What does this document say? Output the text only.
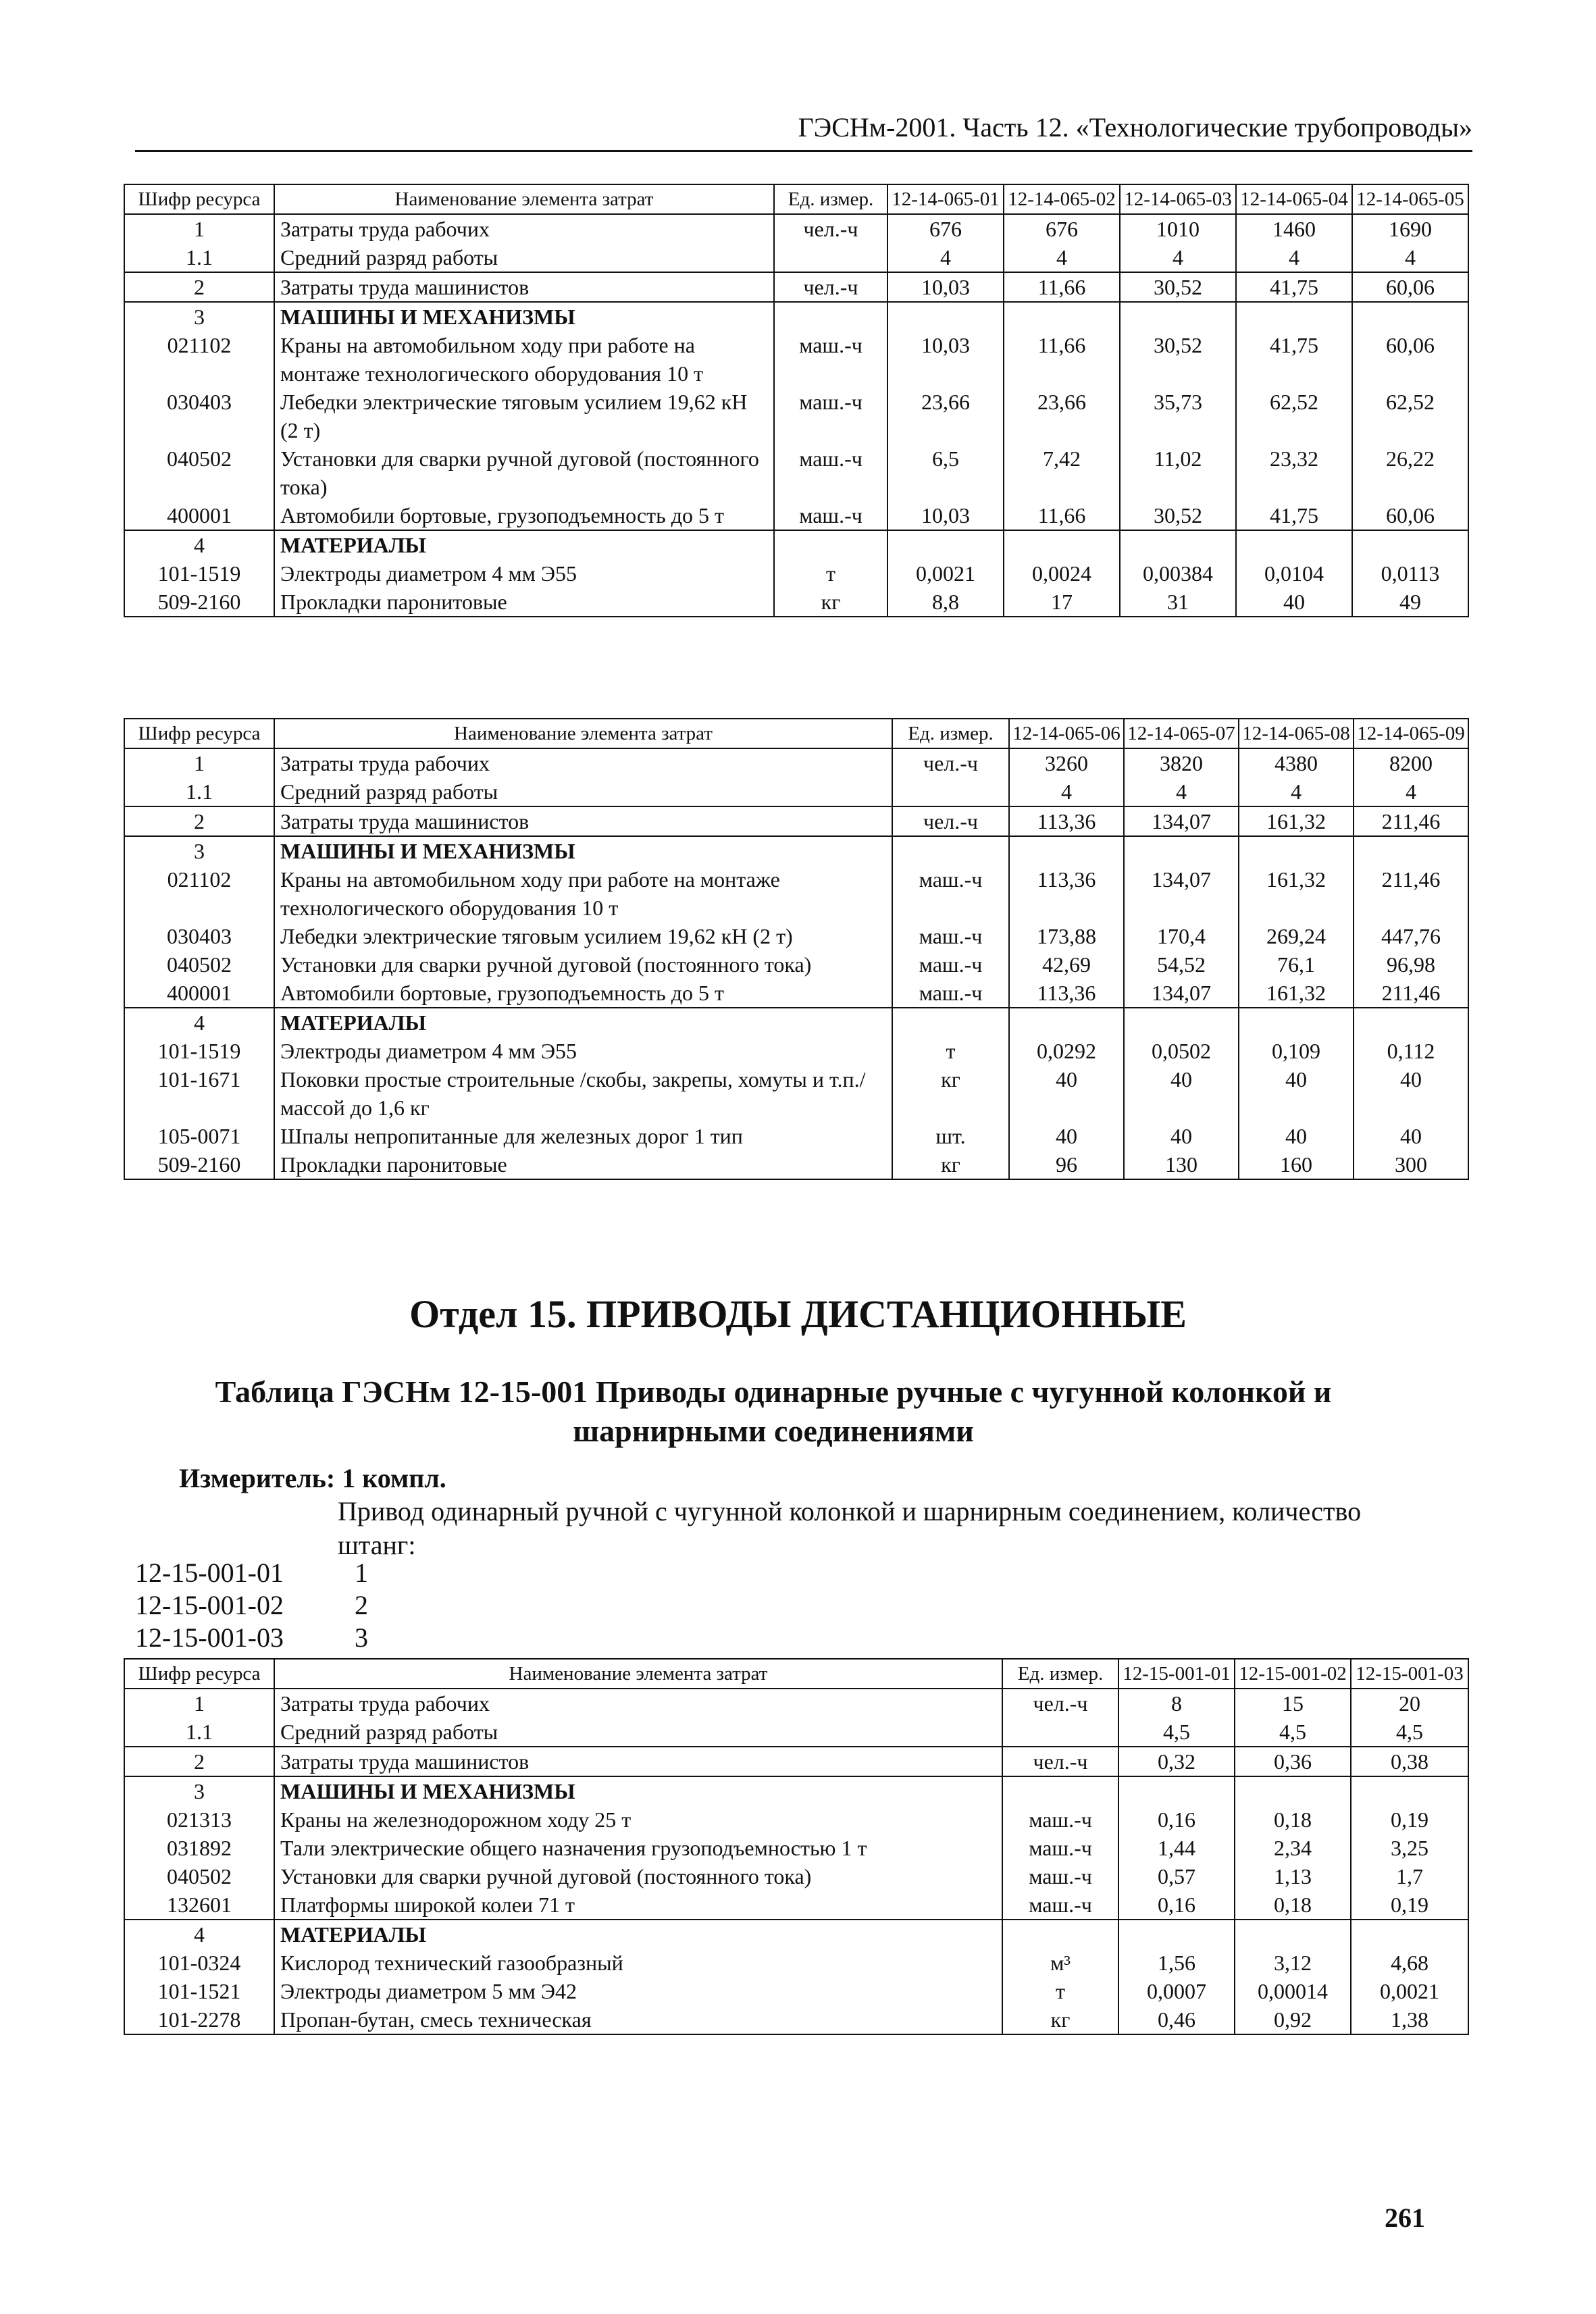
ГЭСНм-2001. Часть 12. «Технологические трубопроводы»
Шифр ресурса	Наименование элемента затрат	Ед. измер.	12-14-065-01	12-14-065-02	12-14-065-03	12-14-065-04	12-14-065-05
1	Затраты труда рабочих	чел.-ч	676	676	1010	1460	1690
1.1	Средний разряд работы		4	4	4	4	4
2	Затраты труда машинистов	чел.-ч	10,03	11,66	30,52	41,75	60,06
3	МАШИНЫ И МЕХАНИЗМЫ						
021102	Краны на автомобильном ходу при работе на монтаже технологического оборудования 10 т	маш.-ч	10,03	11,66	30,52	41,75	60,06
030403	Лебедки электрические тяговым усилием 19,62 кН (2 т)	маш.-ч	23,66	23,66	35,73	62,52	62,52
040502	Установки для сварки ручной дуговой (постоянного тока)	маш.-ч	6,5	7,42	11,02	23,32	26,22
400001	Автомобили бортовые, грузоподъемность до 5 т	маш.-ч	10,03	11,66	30,52	41,75	60,06
4	МАТЕРИАЛЫ						
101-1519	Электроды диаметром 4 мм Э55	т	0,0021	0,0024	0,00384	0,0104	0,0113
509-2160	Прокладки паронитовые	кг	8,8	17	31	40	49
Шифр ресурса	Наименование элемента затрат	Ед. измер.	12-14-065-06	12-14-065-07	12-14-065-08	12-14-065-09
1	Затраты труда рабочих	чел.-ч	3260	3820	4380	8200
1.1	Средний разряд работы		4	4	4	4
2	Затраты труда машинистов	чел.-ч	113,36	134,07	161,32	211,46
3	МАШИНЫ И МЕХАНИЗМЫ					
021102	Краны на автомобильном ходу при работе на монтаже технологического оборудования 10 т	маш.-ч	113,36	134,07	161,32	211,46
030403	Лебедки электрические тяговым усилием 19,62 кН (2 т)	маш.-ч	173,88	170,4	269,24	447,76
040502	Установки для сварки ручной дуговой (постоянного тока)	маш.-ч	42,69	54,52	76,1	96,98
400001	Автомобили бортовые, грузоподъемность до 5 т	маш.-ч	113,36	134,07	161,32	211,46
4	МАТЕРИАЛЫ					
101-1519	Электроды диаметром 4 мм Э55	т	0,0292	0,0502	0,109	0,112
101-1671	Поковки простые строительные /скобы, закрепы, хомуты и т.п./ массой до 1,6 кг	кг	40	40	40	40
105-0071	Шпалы непропитанные для железных дорог 1 тип	шт.	40	40	40	40
509-2160	Прокладки паронитовые	кг	96	130	160	300
Отдел 15. ПРИВОДЫ ДИСТАНЦИОННЫЕ
Таблица ГЭСНм 12-15-001 Приводы одинарные ручные с чугунной колонкой и шарнирными соединениями
Измеритель: 1 компл.
Привод одинарный ручной с чугунной колонкой и шарнирным соединением, количество штанг:
12-15-001-01	1
12-15-001-02	2
12-15-001-03	3
Шифр ресурса	Наименование элемента затрат	Ед. измер.	12-15-001-01	12-15-001-02	12-15-001-03
1	Затраты труда рабочих	чел.-ч	8	15	20
1.1	Средний разряд работы		4,5	4,5	4,5
2	Затраты труда машинистов	чел.-ч	0,32	0,36	0,38
3	МАШИНЫ И МЕХАНИЗМЫ				
021313	Краны на железнодорожном ходу 25 т	маш.-ч	0,16	0,18	0,19
031892	Тали электрические общего назначения грузоподъемностью 1 т	маш.-ч	1,44	2,34	3,25
040502	Установки для сварки ручной дуговой (постоянного тока)	маш.-ч	0,57	1,13	1,7
132601	Платформы широкой колеи 71 т	маш.-ч	0,16	0,18	0,19
4	МАТЕРИАЛЫ				
101-0324	Кислород технический газообразный	м³	1,56	3,12	4,68
101-1521	Электроды диаметром 5 мм Э42	т	0,0007	0,00014	0,0021
101-2278	Пропан-бутан, смесь техническая	кг	0,46	0,92	1,38
261
